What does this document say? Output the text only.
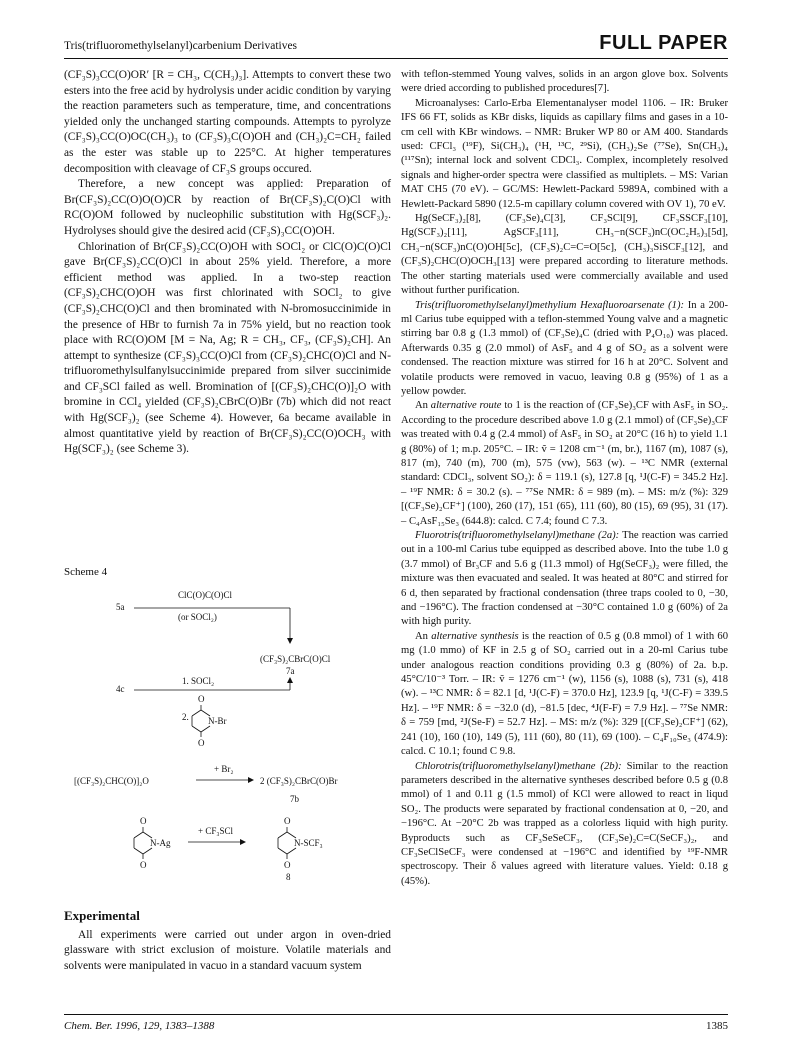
Tris(trifluoromethylselanyl)carbenium Derivatives	FULL PAPER

(CF₃S)₃CC(O)OR′ [R = CH₃, C(CH₃)₃]. Attempts to convert these two esters into the free acid by hydrolysis under acidic condition by varying the reaction parameters such as temperature, time, and concentrations yielded only the unchanged starting compounds. Attempts to pyrolyze (CF₃S)₃CC(O)OC(CH₃)₃ to (CF₃S)₃C(O)OH and (CH₃)₂C=CH₂ failed as the ester was stable up to 225°C. At higher temperatures decomposition with cleavage of CF₃S groups occured.

Therefore, a new concept was applied: Preparation of Br(CF₃S)₂CC(O)O(O)CR by reaction of Br(CF₃S)₂C(O)Cl with RC(O)OM followed by nucleophilic substitution with Hg(SCF₃)₂. Hydrolyses should give the desired acid (CF₃S)₃CC(O)OH.

Chlorination of Br(CF₃S)₂CC(O)OH with SOCl₂ or ClC(O)C(O)Cl gave Br(CF₃S)₂CC(O)Cl in about 25% yield. Therefore, a more efficient method was applied. In a two-step reaction (CF₃S)₂CHC(O)OH was first chlorinated with SOCl₂ to give (CF₃S)₂CHC(O)Cl and then brominated with N-bromosuccinimide in the presence of HBr to furnish 7a in 75% yield, but no reaction took place with RC(O)OM [M = Na, Ag; R = CH₃, CF₃, (CF₃S)₂CH]. An attempt to synthesize (CF₃S)₃CC(O)Cl from (CF₃S)₂CHC(O)Cl and N-trifluoromethylsulfanylsuccinimide prepared from silver succinimide and CF₃SCl failed as well. Bromination of [(CF₃S)₂CHC(O)]₂O with bromine in CCl₄ yielded (CF₃S)₂CBrC(O)Br (7b) which did not react with Hg(SCF₃)₂ (see Scheme 4). However, 6a became available in almost quantitative yield by reaction of Br(CF₃S)₂CC(O)OCH₃ with Hg(SCF₃)₂ (see Scheme 3).

Scheme 4
5a
ClC(O)C(O)Cl
(or SOCl₂)
(CF₃S)₂CBrC(O)Cl
7a
4c
1. SOCl₂
2.
O
O
N-Br
[(CF₃S)₂CHC(O)]₂O
+ Br₂
2 (CF₃S)₂CBrC(O)Br
7b
O
O
N-Ag
+ CF₃SCl
O
O
N-SCF₃
8
Experimental

All experiments were carried out under argon in oven-dried glassware with strict exclusion of moisture. Volatile materials and solvents were manipulated in vacuo in a standard vacuum system

with teflon-stemmed Young valves, solids in an argon glove box. Solvents were dried according to published procedures[7].

Microanalyses: Carlo-Erba Elementanalyser model 1106. – IR: Bruker IFS 66 FT, solids as KBr disks, liquids as capillary films and gases in a 10-cm cell with KBr windows. – NMR: Bruker WP 80 or AM 400. Standards used: CFCl₃ (¹⁹F), Si(CH₃)₄ (¹H, ¹³C, ²⁹Si), (CH₃)₂Se (⁷⁷Se), Sn(CH₃)₄ (¹¹⁷Sn); internal lock and solvent CDCl₃. Complex, incompletely resolved signals and higher-order spectra were classified as multiplets. – MS: Varian MAT CH5 (70 eV). – GC/MS: Hewlett-Packard 5989A, combined with a Hewlett-Packard 5890 (12.5-m capillary column covered with OV 1), 70 eV.

Hg(SeCF₃)₂[8], (CF₃Se)₄C[3], CF₃SCl[9], CF₃SSCF₃[10], Hg(SCF₃)₂[11], AgSCF₃[11], CH₃−n(SCF₃)nC(OC₂H₅)₃[5d], CH₃−n(SCF₃)nC(O)OH[5c], (CF₃S)₂C=C=O[5c], (CH₃)₃SiSCF₃[12], and (CF₃S)₂CHC(O)OCH₃[13] were prepared according to literature methods. The other starting materials used were commercially available and used without further purification.

Tris(trifluoromethylselanyl)methylium Hexafluoroarsenate (1): In a 200-ml Carius tube equipped with a teflon-stemmed Young valve and a magnetic stirring bar 0.8 g (1.3 mmol) of (CF₃Se)₄C (dried with P₄O₁₀) was placed. Afterwards 0.35 g (2.0 mmol) of AsF₅ and 4 g of SO₂ as a solvent were condensed. The reaction mixture was stirred for 16 h at 20°C. Solvent and volatile products were removed in vacuo, leaving 0.8 g (95%) of 1 as a yellow powder.

An alternative route to 1 is the reaction of (CF₃Se)₃CF with AsF₅ in SO₂. According to the procedure described above 1.0 g (2.1 mmol) of (CF₃Se)₃CF was treated with 0.4 g (2.4 mmol) of AsF₅ in SO₂ at 20°C (16 h) to yield 1.1 g (80%) of 1; m.p. 205°C. – IR: ṽ = 1208 cm⁻¹ (m, br.), 1167 (m), 1087 (s), 817 (m), 740 (m), 700 (m), 575 (vw), 563 (w). – ¹³C NMR (external standard: CDCl₃, solvent SO₂): δ = 119.1 (s), 127.8 [q, ¹J(C-F) = 345.2 Hz]. – ¹⁹F NMR: δ = 30.2 (s). – ⁷⁷Se NMR: δ = 989 (m). – MS: m/z (%): 329 [(CF₃Se)₂CF⁺] (100), 260 (17), 151 (65), 111 (60), 80 (15), 69 (95), 31 (17). – C₄AsF₁₅Se₃ (644.8): calcd. C 7.4; found C 7.3.

Fluorotris(trifluoromethylselanyl)methane (2a): The reaction was carried out in a 100-ml Carius tube equipped as described above. Into the tube 1.0 g (3.7 mmol) of Br₃CF and 5.6 g (11.3 mmol) of Hg(SeCF₃)₂ were filled, the mixture was then evacuated and sealed. It was heated at 80°C and stirred for 6 d, then separated by fractional condensation (three traps cooled to 0, −30, and −196°C). The fraction condensed at −30°C contained 1.0 g (60%) of 2a with high purity.

An alternative synthesis is the reaction of 0.5 g (0.8 mmol) of 1 with 60 mg (1.0 mmo) of KF in 2.5 g of SO₂ carried out in a 20-ml Carius tube under analogous reaction conditions providing 0.3 g (80%) of 2a. b.p. 45°C/10⁻³ Torr. – IR: ṽ = 1276 cm⁻¹ (w), 1156 (s), 1088 (s), 731 (s), 418 (w). – ¹³C NMR: δ = 82.1 [d, ¹J(C-F) = 370.0 Hz], 123.9 [q, ¹J(C-F) = 339.5 Hz]. – ¹⁹F NMR: δ = −32.0 (d), −81.5 [dec, ⁴J(F-F) = 7.9 Hz]. – ⁷⁷Se NMR: δ = 759 [md, ²J(Se-F) = 52.7 Hz]. – MS: m/z (%): 329 [(CF₃Se)₂CF⁺] (62), 241 (10), 160 (10), 149 (5), 111 (60), 80 (11), 69 (100). – C₄F₁₀Se₃ (474.9): calcd. C 10.1; found C 9.8.

Chlorotris(trifluoromethylselanyl)methane (2b): Similar to the reaction parameters described in the alternative syntheses described before 0.5 g (0.8 mmol) of 1 and 0.11 g (1.5 mmol) of KCl were allowed to react in liqud SO₂. The products were separated by fractional condensation at 0, −20, and −196°C. At −20°C 2b was trapped as a colorless liquid with high purity. Byproducts such as CF₃SeSeCF₃, (CF₃Se)₂C=C(SeCF₃)₂, and CF₃SeClSeCF₃ were condensed at −196°C and identified by ¹⁹F-NMR spectroscopy. Their δ values agreed with literature values. Yield: 0.18 g (45%).

Chem. Ber. 1996, 129, 1383–1388	1385
